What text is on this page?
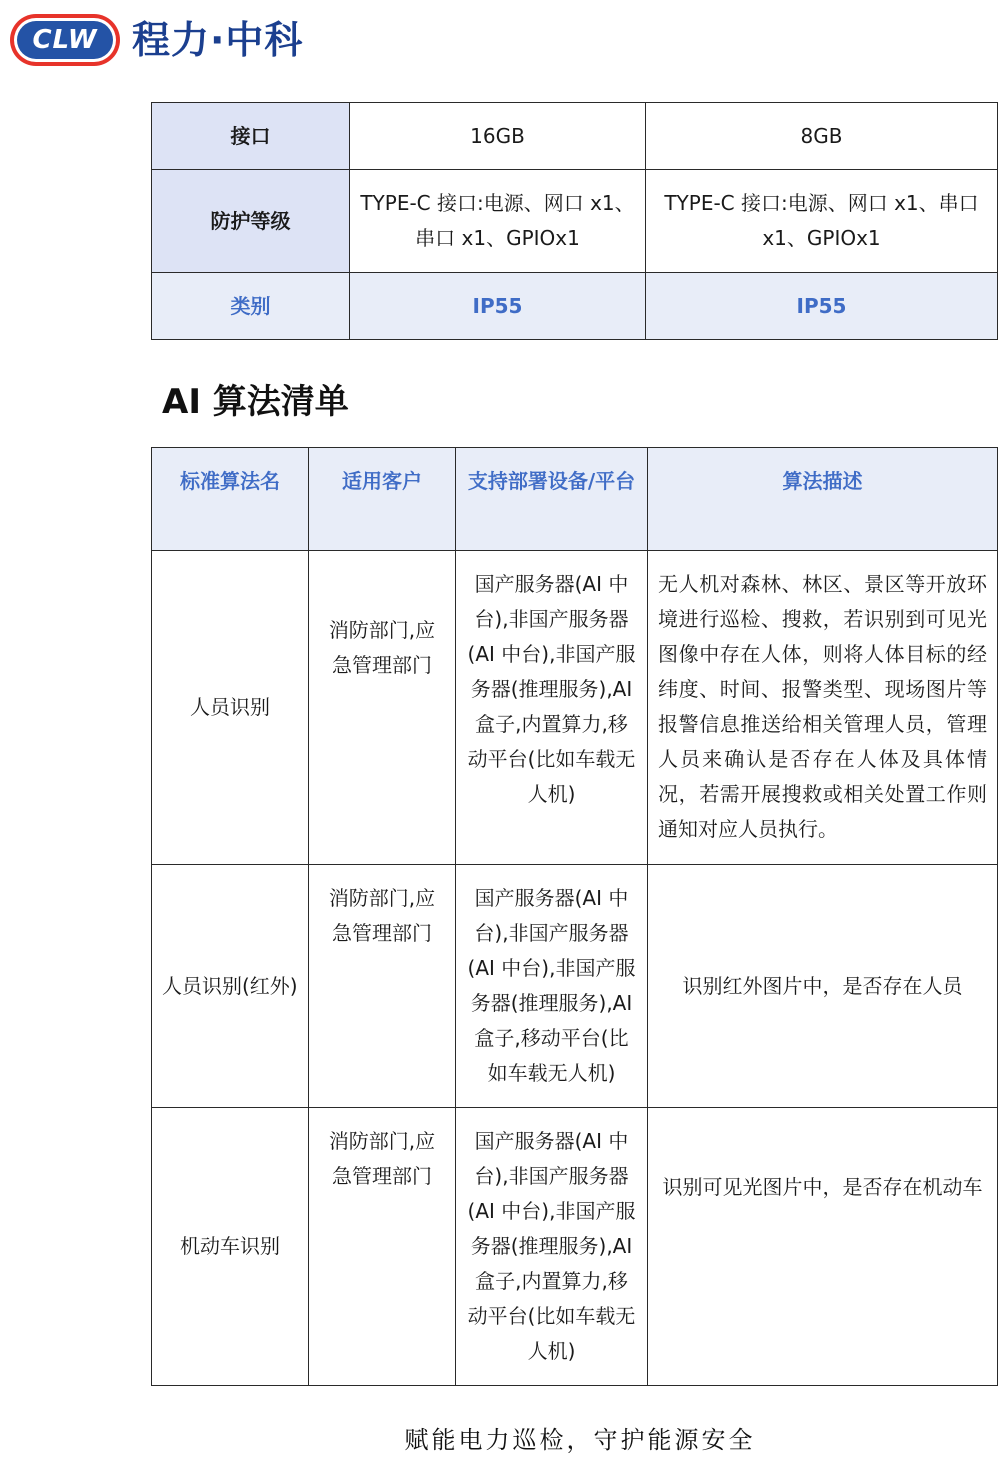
CLW 程力·中科
接口	16GB	8GB
防护等级	TYPE-C 接口:电源、网口 x1、串口 x1、GPIOx1	TYPE-C 接口:电源、网口 x1、串口 x1、GPIOx1
类别	IP55	IP55
AI 算法清单
标准算法名	适用客户	支持部署设备/平台	算法描述
人员识别	消防部门,应急管理部门	国产服务器(AI 中台),非国产服务器(AI 中台),非国产服务器(推理服务),AI 盒子,内置算力,移动平台(比如车载无人机)	无人机对森林、林区、景区等开放环境进行巡检、搜救，若识别到可见光图像中存在人体，则将人体目标的经纬度、时间、报警类型、现场图片等报警信息推送给相关管理人员，管理人员来确认是否存在人体及具体情况，若需开展搜救或相关处置工作则通知对应人员执行。
人员识别(红外)	消防部门,应急管理部门	国产服务器(AI 中台),非国产服务器(AI 中台),非国产服务器(推理服务),AI 盒子,移动平台(比如车载无人机)	识别红外图片中，是否存在人员
机动车识别	消防部门,应急管理部门	国产服务器(AI 中台),非国产服务器(AI 中台),非国产服务器(推理服务),AI 盒子,内置算力,移动平台(比如车载无人机)	识别可见光图片中，是否存在机动车
赋能电力巡检，守护能源安全
